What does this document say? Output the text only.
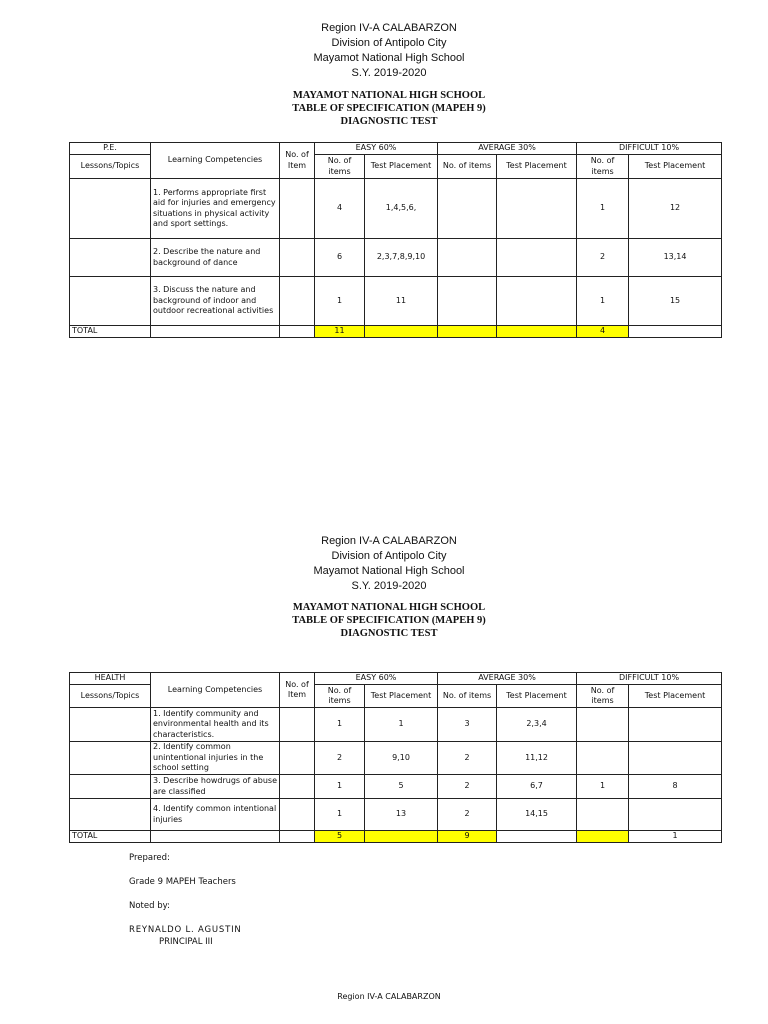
Region IV-A CALABARZON
Division of Antipolo City
Mayamot National High School
S.Y. 2019-2020
MAYAMOT NATIONAL HIGH SCHOOL
TABLE OF SPECIFICATION (MAPEH 9)
DIAGNOSTIC TEST
P.E.	Learning Competencies	No. of Item	EASY 60%		AVERAGE 30%		DIFFICULT 10%	
Lessons/Topics			No. of items	Test Placement	No. of items	Test Placement	No. of items	Test Placement
	1. Performs appropriate first aid for injuries and emergency situations in physical activity and sport settings.		4	1,4,5,6,			1	12
	2. Describe the nature and background of dance		6	2,3,7,8,9,10			2	13,14
	3. Discuss the nature and background of indoor and outdoor recreational activities		1	11			1	15
TOTAL			11				4	
Region IV-A CALABARZON
Division of Antipolo City
Mayamot National High School
S.Y. 2019-2020
MAYAMOT NATIONAL HIGH SCHOOL
TABLE OF SPECIFICATION (MAPEH 9)
DIAGNOSTIC TEST
HEALTH	Learning Competencies	No. of Item	EASY 60%		AVERAGE 30%		DIFFICULT 10%	
Lessons/Topics			No. of items	Test Placement	No. of items	Test Placement	No. of items	Test Placement
	1. Identify community and environmental health and its characteristics.		1	1	3	2,3,4		
	2. Identify common unintentional injuries in the school setting		2	9,10	2	11,12		
	3. Describe howdrugs of abuse are classified		1	5	2	6,7	1	8
	4. Identify common intentional injuries		1	13	2	14,15		
TOTAL			5		9			1
Prepared:
Grade 9 MAPEH Teachers
Noted by:
REYNALDO L. AGUSTIN
PRINCIPAL III
Region IV-A CALABARZON
